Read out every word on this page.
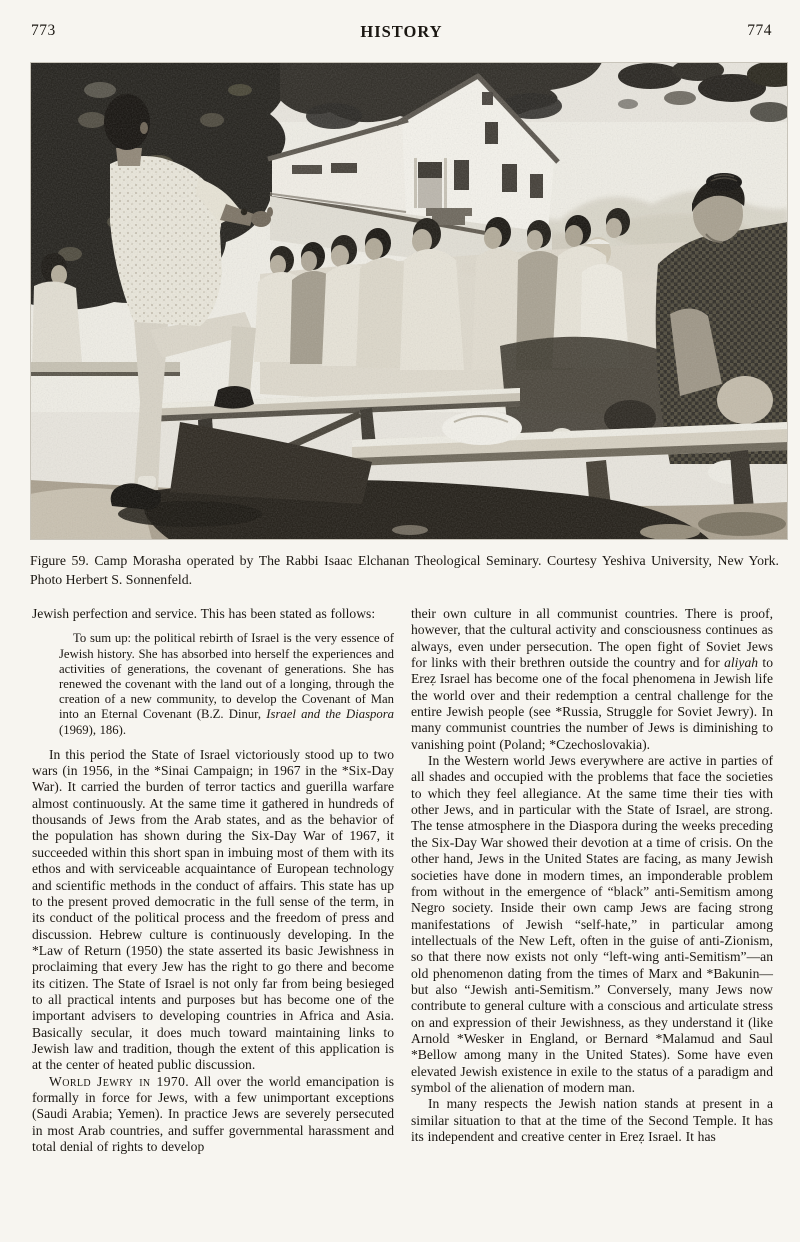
HISTORY
773	774

Figure 59. Camp Morasha operated by The Rabbi Isaac Elchanan Theological Seminary. Courtesy Yeshiva University, New York. Photo Herbert S. Sonnenfeld.

Jewish perfection and service. This has been stated as follows:

To sum up: the political rebirth of Israel is the very essence of Jewish history. She has absorbed into herself the experiences and activities of generations, the covenant of generations. She has renewed the covenant with the land out of a longing, through the creation of a new community, to develop the Covenant of Man into an Eternal Covenant (B.Z. Dinur, Israel and the Diaspora (1969), 186).

In this period the State of Israel victoriously stood up to two wars (in 1956, in the *Sinai Campaign; in 1967 in the *Six-Day War). It carried the burden of terror tactics and guerilla warfare almost continuously. At the same time it gathered in hundreds of thousands of Jews from the Arab states, and as the behavior of the population has shown during the Six-Day War of 1967, it succeeded within this short span in imbuing most of them with its ethos and with serviceable acquaintance of European technology and scientific methods in the conduct of affairs. This state has up to the present proved democratic in the full sense of the term, in its conduct of the political process and the freedom of press and discussion. Hebrew culture is continuously developing. In the *Law of Return (1950) the state asserted its basic Jewishness in proclaiming that every Jew has the right to go there and become its citizen. The State of Israel is not only far from being besieged to all practical intents and purposes but has become one of the important advisers to developing countries in Africa and Asia. Basically secular, it does much toward maintaining links to Jewish law and tradition, though the extent of this application is at the center of heated public discussion.

World Jewry in 1970. All over the world emancipation is formally in force for Jews, with a few unimportant exceptions (Saudi Arabia; Yemen). In practice Jews are severely persecuted in most Arab countries, and suffer governmental harassment and total denial of rights to develop

their own culture in all communist countries. There is proof, however, that the cultural activity and consciousness continues as always, even under persecution. The open fight of Soviet Jews for links with their brethren outside the country and for aliyah to Ereẓ Israel has become one of the focal phenomena in Jewish life the world over and their redemption a central challenge for the entire Jewish people (see *Russia, Struggle for Soviet Jewry). In many communist countries the number of Jews is diminishing to vanishing point (Poland; *Czechoslovakia).

In the Western world Jews everywhere are active in parties of all shades and occupied with the problems that face the societies to which they feel allegiance. At the same time their ties with other Jews, and in particular with the State of Israel, are strong. The tense atmosphere in the Diaspora during the weeks preceding the Six-Day War showed their devotion at a time of crisis. On the other hand, Jews in the United States are facing, as many Jewish societies have done in modern times, an imponderable problem from without in the emergence of “black” anti-Semitism among Negro society. Inside their own camp Jews are facing strong manifestations of Jewish “self-hate,” in particular among intellectuals of the New Left, often in the guise of anti-Zionism, so that there now exists not only “left-wing anti-Semitism”—an old phenomenon dating from the times of Marx and *Bakunin—but also “Jewish anti-Semitism.” Conversely, many Jews now contribute to general culture with a conscious and articulate stress on and expression of their Jewishness, as they understand it (like Arnold *Wesker in England, or Bernard *Malamud and Saul *Bellow among many in the United States). Some have even elevated Jewish existence in exile to the status of a paradigm and symbol of the alienation of modern man.

In many respects the Jewish nation stands at present in a similar situation to that at the time of the Second Temple. It has its independent and creative center in Ereẓ Israel. It has
